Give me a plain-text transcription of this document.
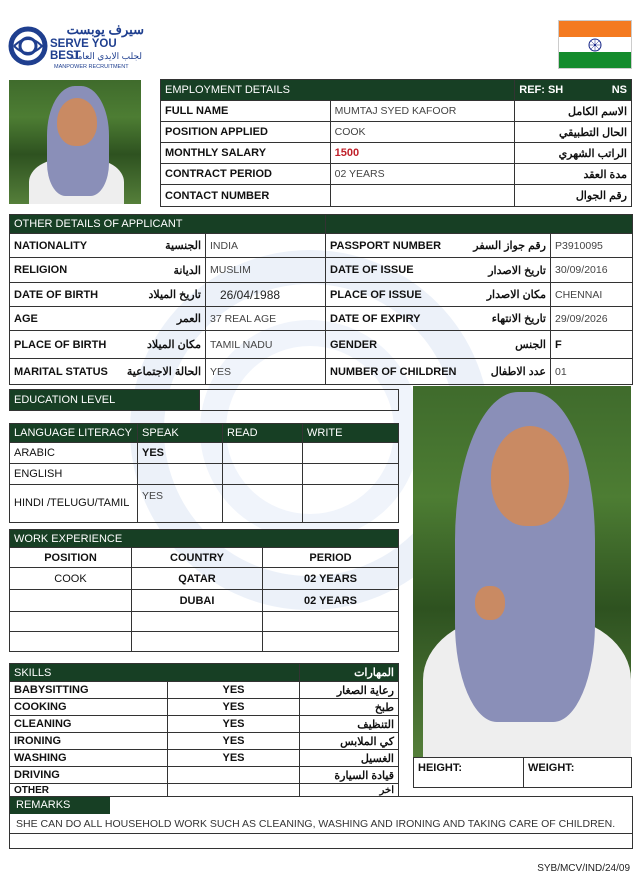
سيرف يوبست
SERVE YOU BEST
لجلب الايدي العاملة
MANPOWER RECRUITMENT
EMPLOYMENT DETAILS		REF: SH NS

FULL NAME	MUMTAJ SYED KAFOOR	الاسم الكامل
POSITION APPLIED	COOK	الحال التطبيقي
MONTHLY SALARY	1500	الراتب الشهري
CONTRACT PERIOD	02 YEARS	مدة العقد
CONTACT NUMBER		رقم الجوال
OTHER DETAILS OF APPLICANT					
NATIONALITY	الجنسية	INDIA	PASSPORT NUMBER	رقم جواز السفر	P3910095
RELIGION	الديانة	MUSLIM	DATE OF ISSUE	تاريخ الاصدار	30/09/2016
DATE OF BIRTH	تاريخ الميلاد	26/04/1988	PLACE OF ISSUE	مكان الاصدار	CHENNAI
AGE	العمر	37 REAL AGE	DATE OF EXPIRY	تاريخ الانتهاء	29/09/2026
PLACE OF BIRTH	مكان الميلاد	TAMIL NADU	GENDER	الجنس	F
MARITAL STATUS	الحالة الاجتماعية	YES	NUMBER OF CHILDREN	عدد الاطفال	01
EDUCATION LEVEL	
LANGUAGE LITERACY	SPEAK	READ	WRITE
ARABIC	YES		
ENGLISH			
HINDI /TELUGU/TAMIL	YES		
WORK EXPERIENCE		
POSITION	COUNTRY	PERIOD
COOK	QATAR	02 YEARS
	DUBAI	02 YEARS

SKILLS		المهارات
BABYSITTING	YES	رعاية الصغار
COOKING	YES	طبخ
CLEANING	YES	التنظيف
IRONING	YES	كي الملابس
WASHING	YES	الغسيل
DRIVING		قيادة السيارة
OTHER		اخر
HEIGHT:	WEIGHT:
REMARKS
SHE CAN DO ALL HOUSEHOLD WORK SUCH AS CLEANING, WASHING AND IRONING AND TAKING CARE OF CHILDREN.
SYB/MCV/IND/24/09
